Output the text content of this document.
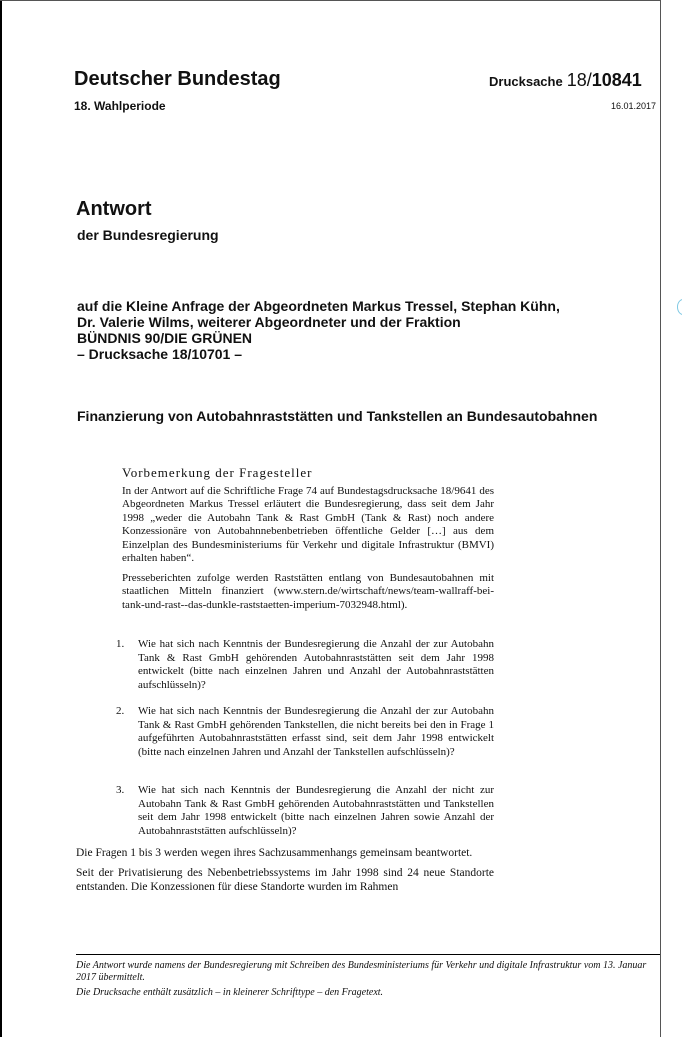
Deutscher Bundestag
18. Wahlperiode
Drucksache 18/10841
16.01.2017
Antwort
der Bundesregierung
auf die Kleine Anfrage der Abgeordneten Markus Tressel, Stephan Kühn,
Dr. Valerie Wilms, weiterer Abgeordneter und der Fraktion
BÜNDNIS 90/DIE GRÜNEN
– Drucksache 18/10701 –
Finanzierung von Autobahnraststätten und Tankstellen an Bundesautobahnen
Vorbemerkung der Fragesteller

In der Antwort auf die Schriftliche Frage 74 auf Bundestagsdrucksache 18/9641 des Abgeordneten Markus Tressel erläutert die Bundesregierung, dass seit dem Jahr 1998 „weder die Autobahn Tank & Rast GmbH (Tank & Rast) noch andere Konzessionäre von Autobahnnebenbetrieben öffentliche Gelder […] aus dem Einzelplan des Bundesministeriums für Verkehr und digitale Infrastruktur (BMVI) erhalten haben“.

Presseberichten zufolge werden Raststätten entlang von Bundesautobahnen mit staatlichen Mitteln finanziert (www.stern.de/wirtschaft/news/team-wallraff-bei-tank-und-rast--das-dunkle-raststaetten-imperium-7032948.html).

1. Wie hat sich nach Kenntnis der Bundesregierung die Anzahl der zur Autobahn Tank & Rast GmbH gehörenden Autobahnraststätten seit dem Jahr 1998 entwickelt (bitte nach einzelnen Jahren und Anzahl der Autobahnraststätten aufschlüsseln)?
2. Wie hat sich nach Kenntnis der Bundesregierung die Anzahl der zur Autobahn Tank & Rast GmbH gehörenden Tankstellen, die nicht bereits bei den in Frage 1 aufgeführten Autobahnraststätten erfasst sind, seit dem Jahr 1998 entwickelt (bitte nach einzelnen Jahren und Anzahl der Tankstellen aufschlüsseln)?
3. Wie hat sich nach Kenntnis der Bundesregierung die Anzahl der nicht zur Autobahn Tank & Rast GmbH gehörenden Autobahnraststätten und Tankstellen seit dem Jahr 1998 entwickelt (bitte nach einzelnen Jahren sowie Anzahl der Autobahnraststätten aufschlüsseln)?

Die Fragen 1 bis 3 werden wegen ihres Sachzusammenhangs gemeinsam beantwortet.

Seit der Privatisierung des Nebenbetriebssystems im Jahr 1998 sind 24 neue Standorte entstanden. Die Konzessionen für diese Standorte wurden im Rahmen

Die Antwort wurde namens der Bundesregierung mit Schreiben des Bundesministeriums für Verkehr und digitale Infrastruktur vom 13. Januar 2017 übermittelt.

Die Drucksache enthält zusätzlich – in kleinerer Schrifttype – den Fragetext.
